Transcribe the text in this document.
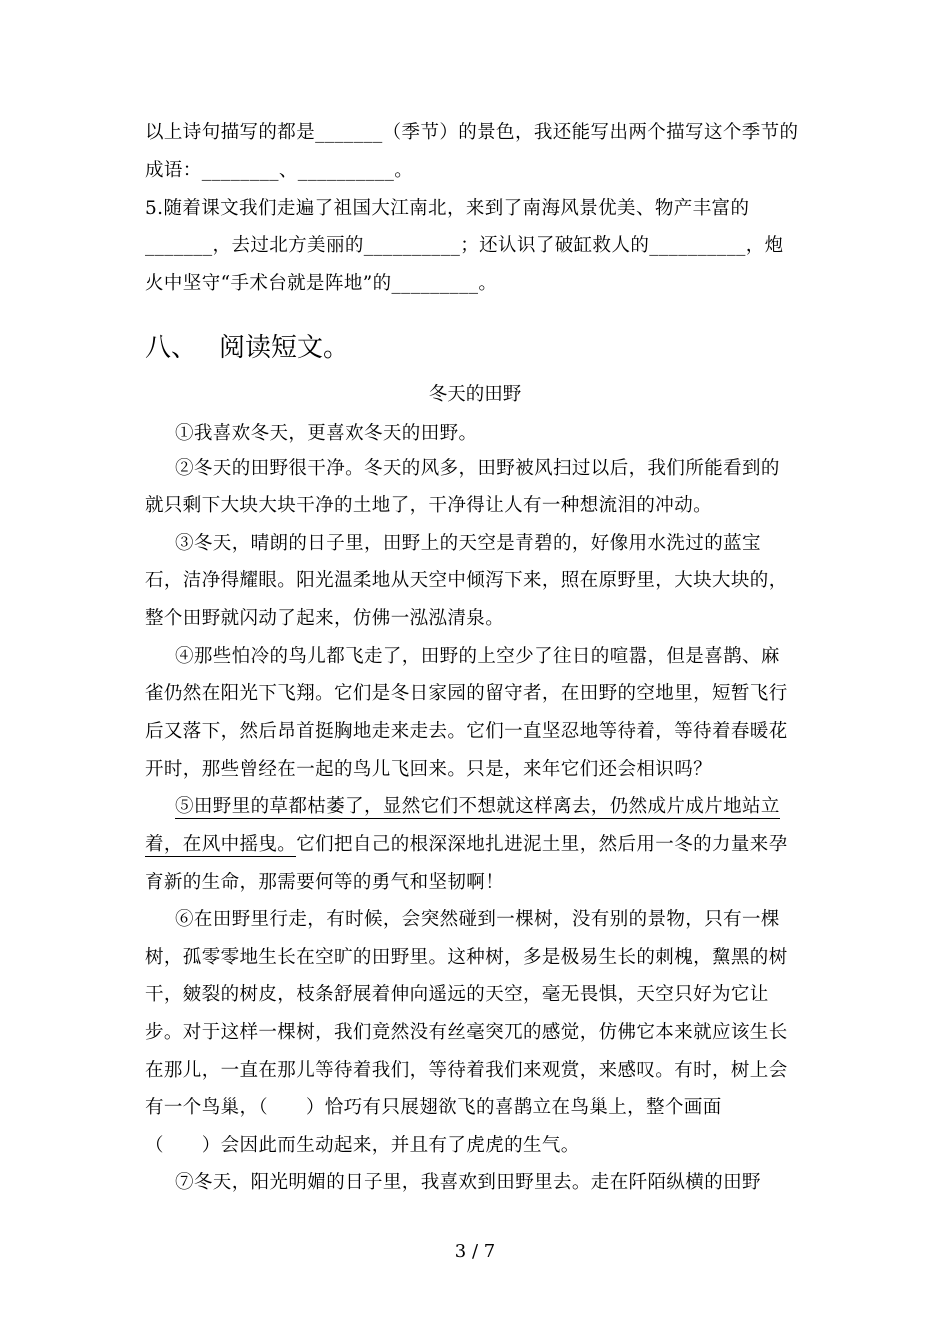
以上诗句描写的都是_______（季节）的景色，我还能写出两个描写这个季节的
成语：________、__________。
5.随着课文我们走遍了祖国大江南北，来到了南海风景优美、物产丰富的
_______，去过北方美丽的__________；还认识了破缸救人的__________，炮
火中坚守“手术台就是阵地”的_________。
八、 阅读短文。
冬天的田野
①我喜欢冬天，更喜欢冬天的田野。
②冬天的田野很干净。冬天的风多，田野被风扫过以后，我们所能看到的
就只剩下大块大块干净的土地了，干净得让人有一种想流泪的冲动。
③冬天，晴朗的日子里，田野上的天空是青碧的，好像用水洗过的蓝宝
石，洁净得耀眼。阳光温柔地从天空中倾泻下来，照在原野里，大块大块的，
整个田野就闪动了起来，仿佛一泓泓清泉。
④那些怕冷的鸟儿都飞走了，田野的上空少了往日的喧嚣，但是喜鹊、麻
雀仍然在阳光下飞翔。它们是冬日家园的留守者，在田野的空地里，短暂飞行
后又落下，然后昂首挺胸地走来走去。它们一直坚忍地等待着，等待着春暖花
开时，那些曾经在一起的鸟儿飞回来。只是，来年它们还会相识吗？
⑤田野里的草都枯萎了，显然它们不想就这样离去，仍然成片成片地站立
着，在风中摇曳。它们把自己的根深深地扎进泥土里，然后用一冬的力量来孕
育新的生命，那需要何等的勇气和坚韧啊！
⑥在田野里行走，有时候，会突然碰到一棵树，没有别的景物，只有一棵
树，孤零零地生长在空旷的田野里。这种树，多是极易生长的刺槐，黧黑的树
干，皴裂的树皮，枝条舒展着伸向遥远的天空，毫无畏惧，天空只好为它让
步。对于这样一棵树，我们竟然没有丝毫突兀的感觉，仿佛它本来就应该生长
在那儿，一直在那儿等待着我们，等待着我们来观赏，来感叹。有时，树上会
有一个鸟巢，（　　）恰巧有只展翅欲飞的喜鹊立在鸟巢上，整个画面
（　　）会因此而生动起来，并且有了虎虎的生气。
⑦冬天，阳光明媚的日子里，我喜欢到田野里去。走在阡陌纵横的田野
3 / 7
